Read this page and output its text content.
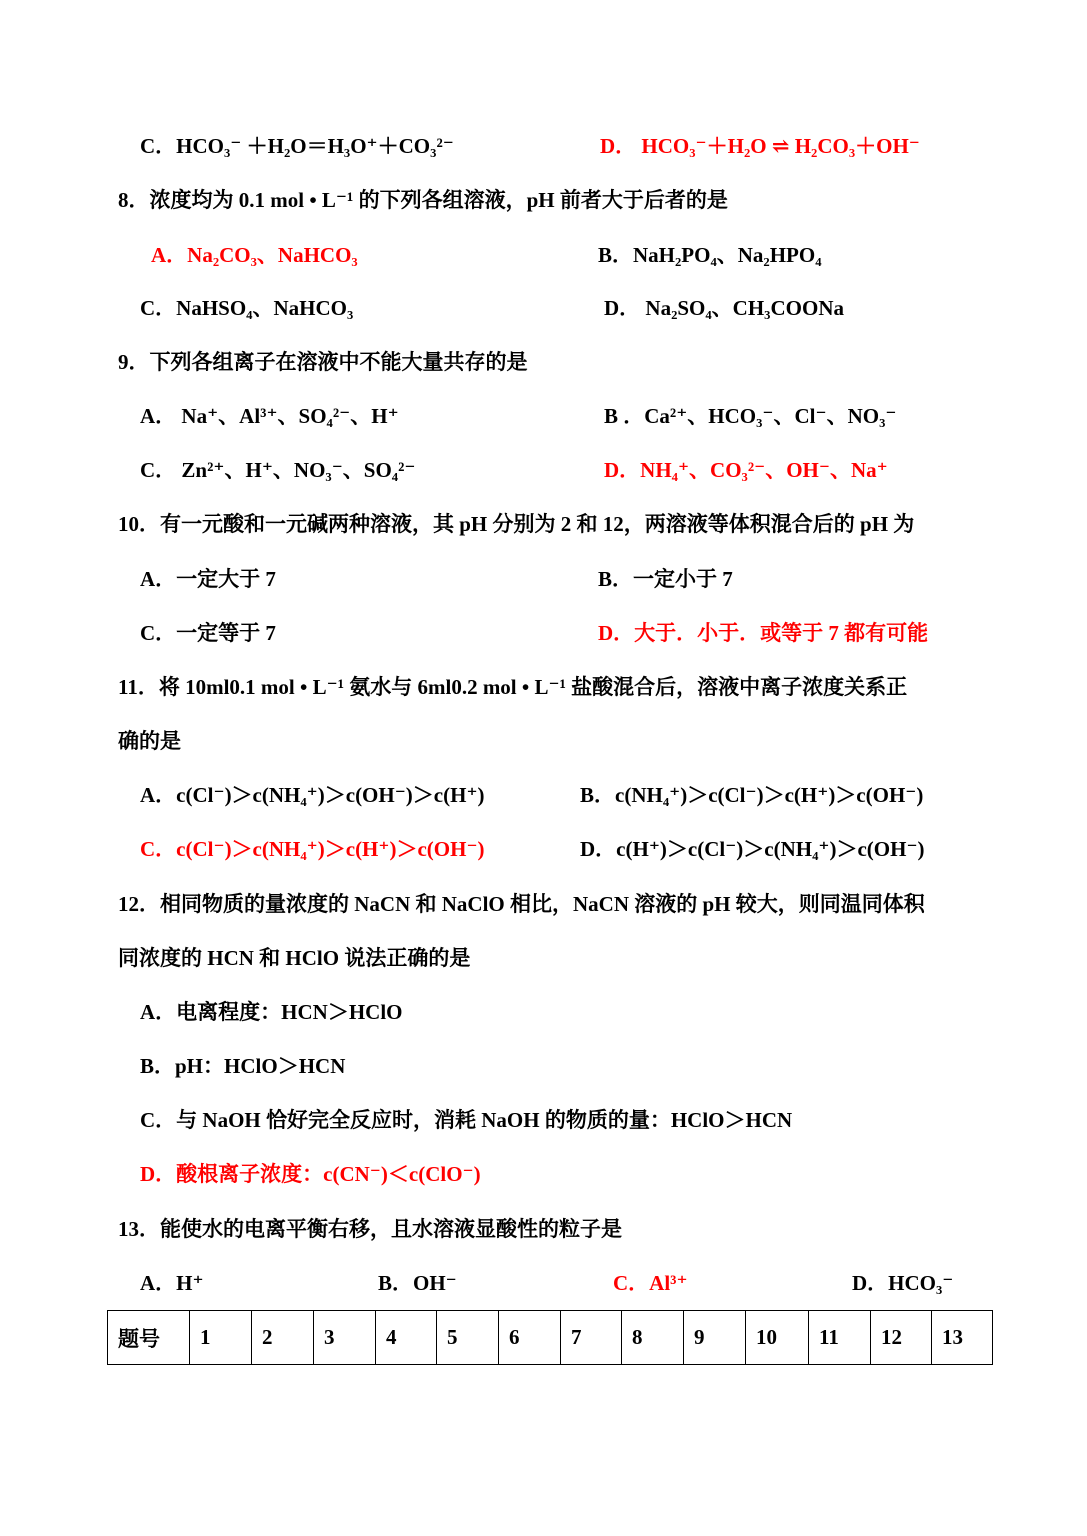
C．HCO₃⁻ ＋H₂O＝H₃O⁺＋CO₃²⁻	D． HCO₃⁻＋H₂O ⇌ H₂CO₃＋OH⁻
8．浓度均为 0.1 mol • L⁻¹ 的下列各组溶液，pH 前者大于后者的是
A．Na₂CO₃、NaHCO₃	B．NaH₂PO₄、Na₂HPO₄
C．NaHSO₄、NaHCO₃	D． Na₂SO₄、CH₃COONa
9．下列各组离子在溶液中不能大量共存的是
A． Na⁺、Al³⁺、SO₄²⁻、H⁺	B ．Ca²⁺、HCO₃⁻、Cl⁻、NO₃⁻
C． Zn²⁺、H⁺、NO₃⁻、SO₄²⁻	D．NH₄⁺、CO₃²⁻、OH⁻、Na⁺
10．有一元酸和一元碱两种溶液，其 pH 分别为 2 和 12，两溶液等体积混合后的 pH 为
A．一定大于 7	B．一定小于 7
C．一定等于 7	D．大于．小于．或等于 7 都有可能
11．将 10ml0.1 mol • L⁻¹ 氨水与 6ml0.2 mol • L⁻¹ 盐酸混合后，溶液中离子浓度关系正
确的是
A．c(Cl⁻)＞c(NH₄⁺)＞c(OH⁻)＞c(H⁺)	B．c(NH₄⁺)＞c(Cl⁻)＞c(H⁺)＞c(OH⁻)
C．c(Cl⁻)＞c(NH₄⁺)＞c(H⁺)＞c(OH⁻)	D．c(H⁺)＞c(Cl⁻)＞c(NH₄⁺)＞c(OH⁻)
12．相同物质的量浓度的 NaCN 和 NaClO 相比，NaCN 溶液的 pH 较大，则同温同体积
同浓度的 HCN 和 HClO 说法正确的是
A．电离程度：HCN＞HClO
B．pH：HClO＞HCN
C．与 NaOH 恰好完全反应时，消耗 NaOH 的物质的量：HClO＞HCN
D．酸根离子浓度：c(CN⁻)＜c(ClO⁻)
13．能使水的电离平衡右移，且水溶液显酸性的粒子是
A．H⁺	B．OH⁻	C．Al³⁺	D．HCO₃⁻
题号	1	2	3	4	5	6	7	8	9	10	11	12	13
